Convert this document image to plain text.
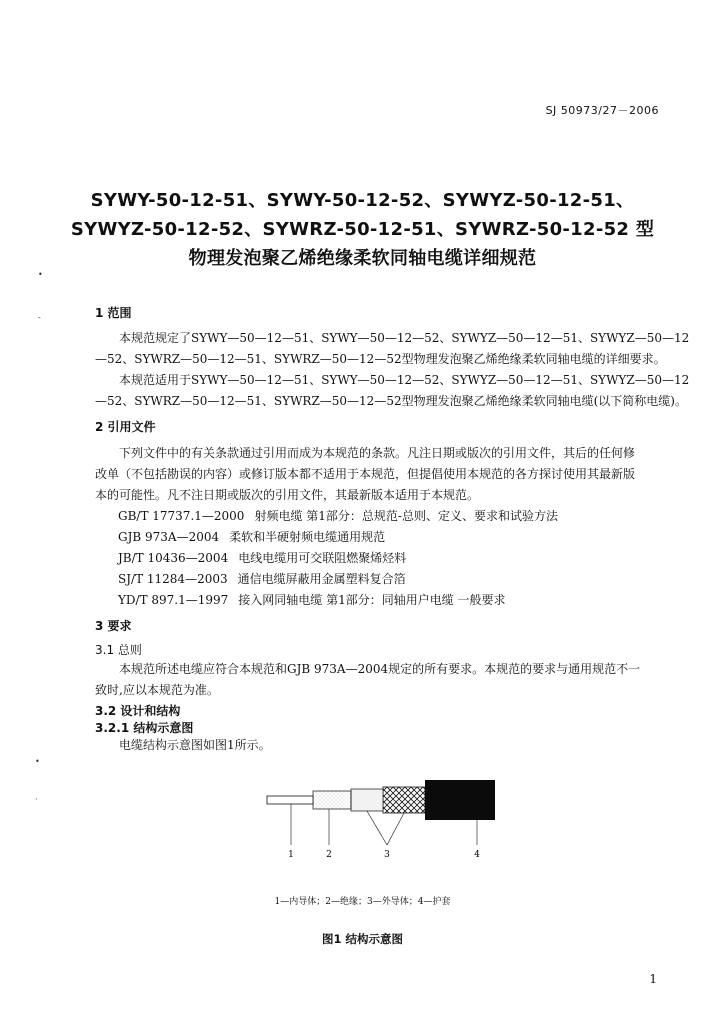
SJ 50973/27－2006
SYWY-50-12-51、SYWY-50-12-52、SYWYZ-50-12-51、
SYWYZ-50-12-52、SYWRZ-50-12-51、SYWRZ-50-12-52 型
物理发泡聚乙烯绝缘柔软同轴电缆详细规范
•
-	1 范围
本规范规定了SYWY—50—12—51、SYWY—50—12—52、SYWYZ—50—12—51、SYWYZ—50—12
—52、SYWRZ—50—12—51、SYWRZ—50—12—52型物理发泡聚乙烯绝缘柔软同轴电缆的详细要求。
本规范适用于SYWY—50—12—51、SYWY—50—12—52、SYWYZ—50—12—51、SYWYZ—50—12
—52、SYWRZ—50—12—51、SYWRZ—50—12—52型物理发泡聚乙烯绝缘柔软同轴电缆(以下简称电缆)。
2 引用文件
下列文件中的有关条款通过引用而成为本规范的条款。凡注日期或版次的引用文件，其后的任何修
改单（不包括勘误的内容）或修订版本都不适用于本规范，但提倡使用本规范的各方探讨使用其最新版
本的可能性。凡不注日期或版次的引用文件，其最新版本适用于本规范。
GB/T 17737.1—2000 射频电缆 第1部分：总规范-总则、定义、要求和试验方法
GJB 973A—2004 柔软和半硬射频电缆通用规范
JB/T 10436—2004 电线电缆用可交联阻燃聚烯烃料
SJ/T 11284—2003 通信电缆屏蔽用金属塑料复合箔
YD/T 897.1—1997 接入网同轴电缆 第1部分：同轴用户电缆 一般要求
3 要求
3.1 总则
本规范所述电缆应符合本规范和GJB 973A—2004规定的所有要求。本规范的要求与通用规范不一
致时,应以本规范为准。
3.2 设计和结构
3.2.1 结构示意图
电缆结构示意图如图1所示。
•
·
1	2	3	4
1—内导体；2—绝缘；3—外导体；4—护套
图1 结构示意图
1
